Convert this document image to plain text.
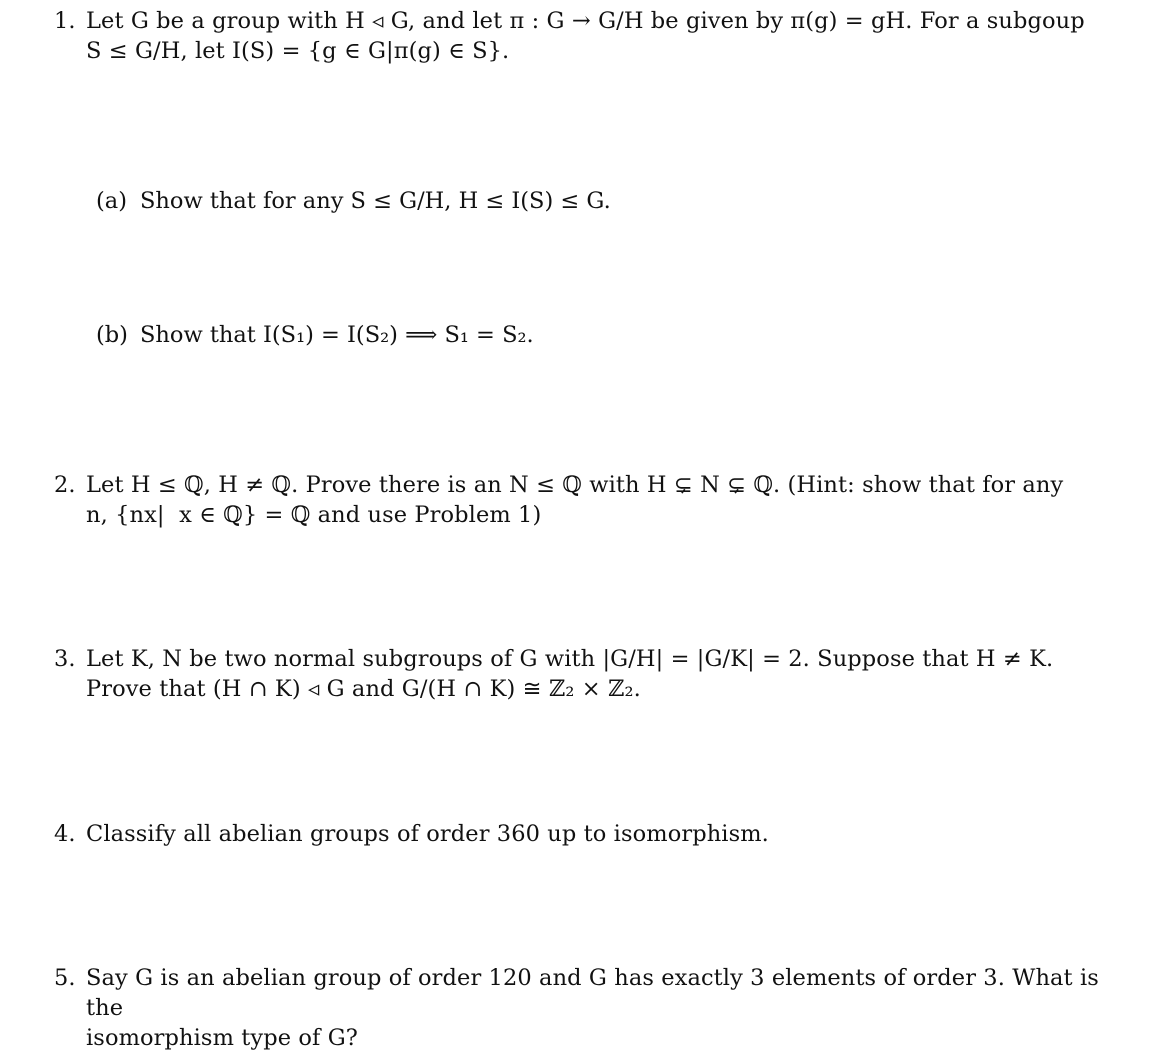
1. Let G be a group with H ◃ G, and let π : G → G/H be given by π(g) = gH. For a subgoup
S ≤ G/H, let I(S) = {g ∈ G|π(g) ∈ S}.
(a) Show that for any S ≤ G/H, H ≤ I(S) ≤ G.
(b) Show that I(S₁) = I(S₂) ⟹ S₁ = S₂.
2. Let H ≤ ℚ, H ≠ ℚ. Prove there is an N ≤ ℚ with H ⊊ N ⊊ ℚ. (Hint: show that for any
n, {nx|  x ∈ ℚ} = ℚ and use Problem 1)
3. Let K, N be two normal subgroups of G with |G/H| = |G/K| = 2. Suppose that H ≠ K.
Prove that (H ∩ K) ◃ G and G/(H ∩ K) ≅ ℤ₂ × ℤ₂.
4. Classify all abelian groups of order 360 up to isomorphism.
5. Say G is an abelian group of order 120 and G has exactly 3 elements of order 3. What is the
isomorphism type of G?
